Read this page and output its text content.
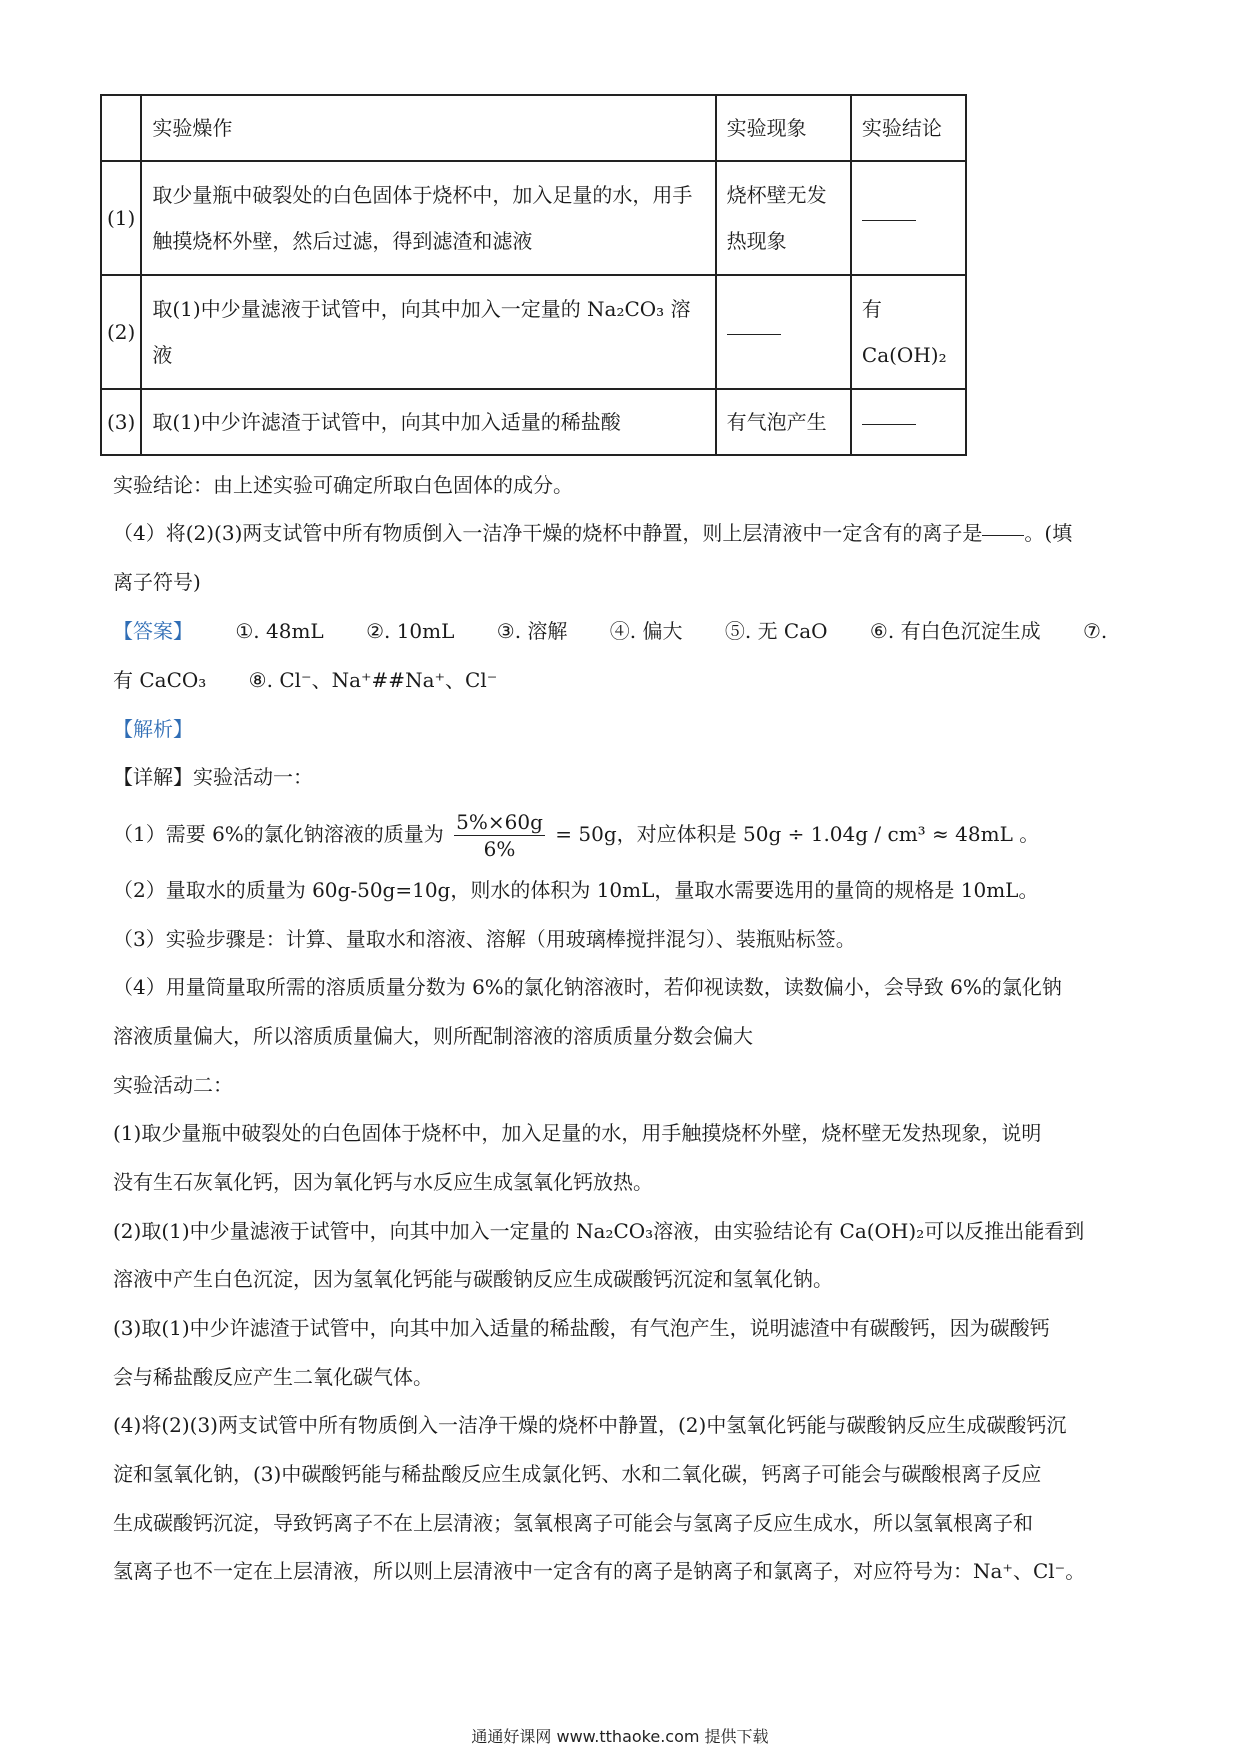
	实验燥作	实验现象	实验结论
(1)	取少量瓶中破裂处的白色固体于烧杯中，加入足量的水，用手触摸烧杯外壁，然后过滤，得到滤渣和滤液	烧杯壁无发热现象	
(2)	取(1)中少量滤液于试管中，向其中加入一定量的 Na₂CO₃ 溶液		有 Ca(OH)₂
(3)	取(1)中少许滤渣于试管中，向其中加入适量的稀盐酸	有气泡产生	
实验结论：由上述实验可确定所取白色固体的成分。
（4）将(2)(3)两支试管中所有物质倒入一洁净干燥的烧杯中静置，则上层清液中一定含有的离子是 。(填
离子符号)
【答案】 ①. 48mL ②. 10mL ③. 溶解 ④. 偏大 ⑤. 无 CaO ⑥. 有白色沉淀生成 ⑦.
有 CaCO₃ ⑧. Cl⁻、Na⁺##Na⁺、Cl⁻
【解析】
【详解】实验活动一：
（1）需要 6%的氯化钠溶液的质量为 $\frac{5\%\times 60g}{6\%} = 50g$，对应体积是 50g ÷ 1.04g / cm³ ≈ 48mL 。
（2）量取水的质量为 60g-50g=10g，则水的体积为 10mL，量取水需要选用的量筒的规格是 10mL。
（3）实验步骤是：计算、量取水和溶液、溶解（用玻璃棒搅拌混匀）、装瓶贴标签。
（4）用量筒量取所需的溶质质量分数为 6%的氯化钠溶液时，若仰视读数，读数偏小，会导致 6%的氯化钠
溶液质量偏大，所以溶质质量偏大，则所配制溶液的溶质质量分数会偏大
实验活动二：
(1)取少量瓶中破裂处的白色固体于烧杯中，加入足量的水，用手触摸烧杯外壁，烧杯壁无发热现象，说明
没有生石灰氧化钙，因为氧化钙与水反应生成氢氧化钙放热。
(2)取(1)中少量滤液于试管中，向其中加入一定量的 Na₂CO₃溶液，由实验结论有 Ca(OH)₂可以反推出能看到
溶液中产生白色沉淀，因为氢氧化钙能与碳酸钠反应生成碳酸钙沉淀和氢氧化钠。
(3)取(1)中少许滤渣于试管中，向其中加入适量的稀盐酸，有气泡产生，说明滤渣中有碳酸钙，因为碳酸钙
会与稀盐酸反应产生二氧化碳气体。
(4)将(2)(3)两支试管中所有物质倒入一洁净干燥的烧杯中静置，(2)中氢氧化钙能与碳酸钠反应生成碳酸钙沉
淀和氢氧化钠，(3)中碳酸钙能与稀盐酸反应生成氯化钙、水和二氧化碳，钙离子可能会与碳酸根离子反应
生成碳酸钙沉淀，导致钙离子不在上层清液；氢氧根离子可能会与氢离子反应生成水，所以氢氧根离子和
氢离子也不一定在上层清液，所以则上层清液中一定含有的离子是钠离子和氯离子，对应符号为：Na⁺、Cl⁻。
通通好课网 www.tthaoke.com 提供下载
